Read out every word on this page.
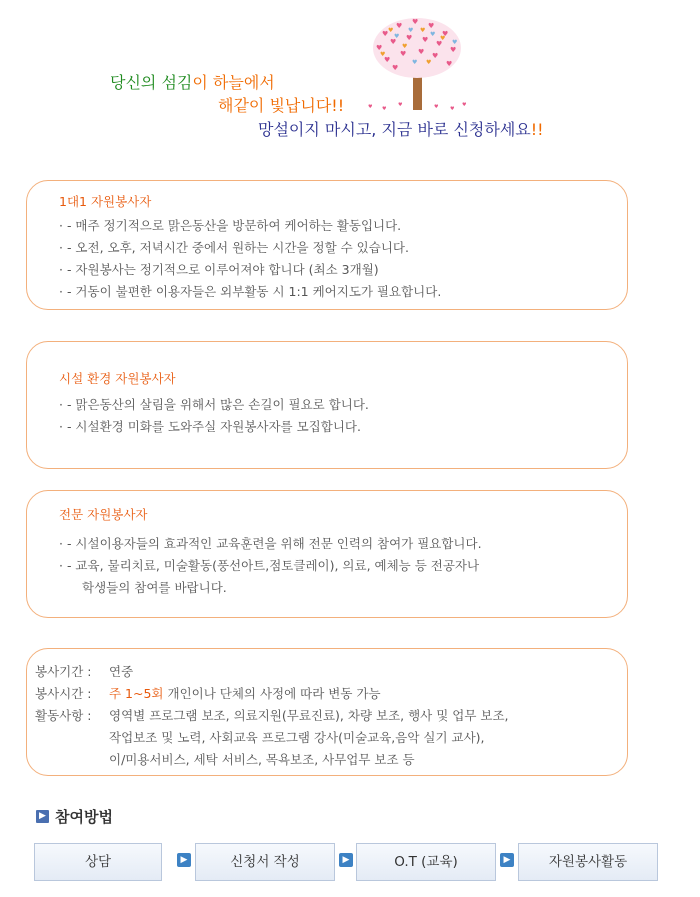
♥
♥ ♥ ♥
♥
♥
♥ ♥ ♥ ♥
♥
♥
♥	♥
♥
♥
♥
♥	♥
♥
♥
♥
♥
♥
♥
♥
♥
♥
♥ ♥
♥	♥ ♥
♥
당신의 섬김이 하늘에서
해같이 빛납니다!!
망설이지 마시고, 지금 바로 신청하세요!!
1대1 자원봉사자
· - 매주 정기적으로 맑은동산을 방문하여 케어하는 활동입니다.
· - 오전, 오후, 저녁시간 중에서 원하는 시간을 정할 수 있습니다.
· - 자원봉사는 정기적으로 이루어져야 합니다 (최소 3개월)
· - 거동이 불편한 이용자들은 외부활동 시 1:1 케어지도가 필요합니다.
시설 환경 자원봉사자
· - 맑은동산의 살림을 위해서 많은 손길이 필요로 합니다.
· - 시설환경 미화를 도와주실 자원봉사자를 모집합니다.
전문 자원봉사자
· - 시설이용자들의 효과적인 교육훈련을 위해 전문 인력의 참여가 필요합니다.
· - 교육, 물리치료, 미술활동(풍선아트,점토클레이), 의료, 예체능 등 전공자나
학생들의 참여를 바랍니다.
봉사기간 : 연중
봉사시간 : 주 1~5회 개인이나 단체의 사정에 따라 변동 가능
활동사항 : 영역별 프로그램 보조, 의료지원(무료진료), 차량 보조, 행사 및 업무 보조,
작업보조 및 노력, 사회교육 프로그램 강사(미술교육,음악 실기 교사),
이/미용서비스, 세탁 서비스, 목욕보조, 사무업무 보조 등
▶ 참여방법
상담	▶	신청서 작성	▶	O.T (교육)	▶	자원봉사활동
